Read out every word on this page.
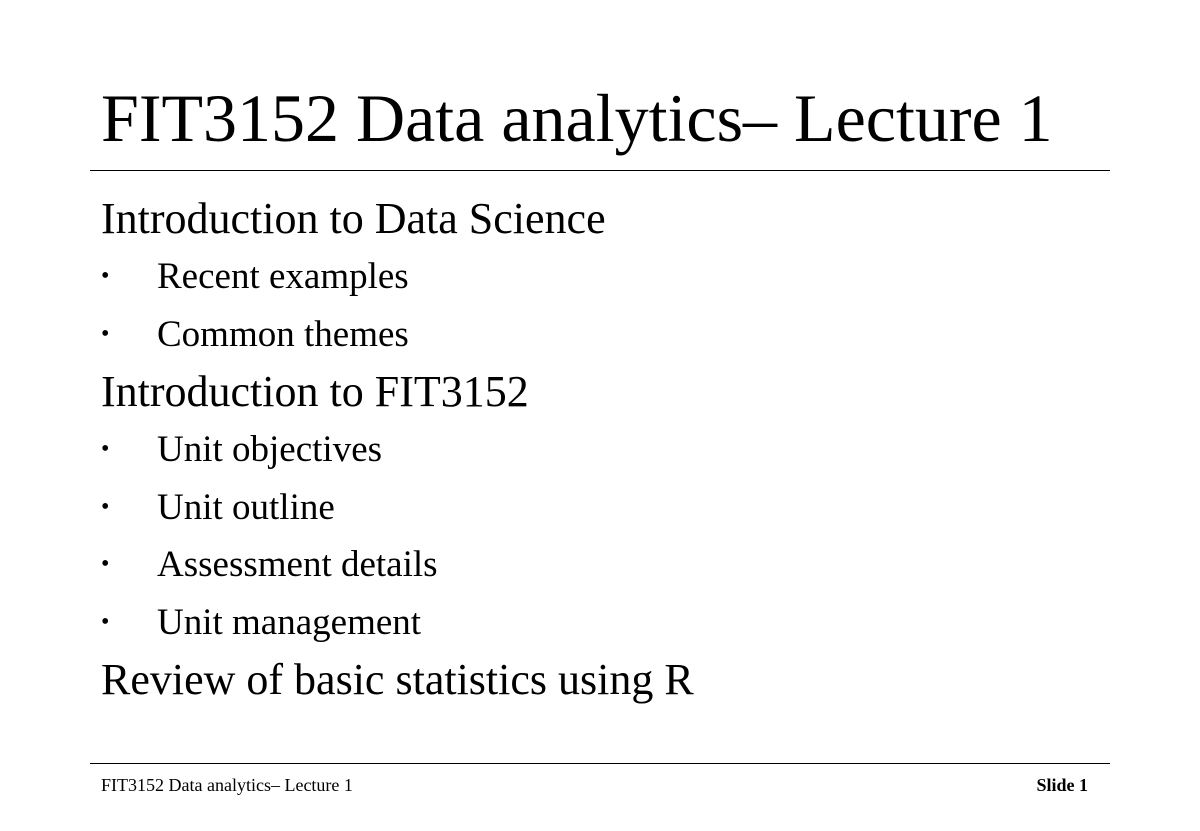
FIT3152 Data analytics– Lecture 1
Introduction to Data Science
• Recent examples
• Common themes
Introduction to FIT3152
• Unit objectives
• Unit outline
• Assessment details
• Unit management
Review of basic statistics using R
FIT3152 Data analytics– Lecture 1	Slide 1
